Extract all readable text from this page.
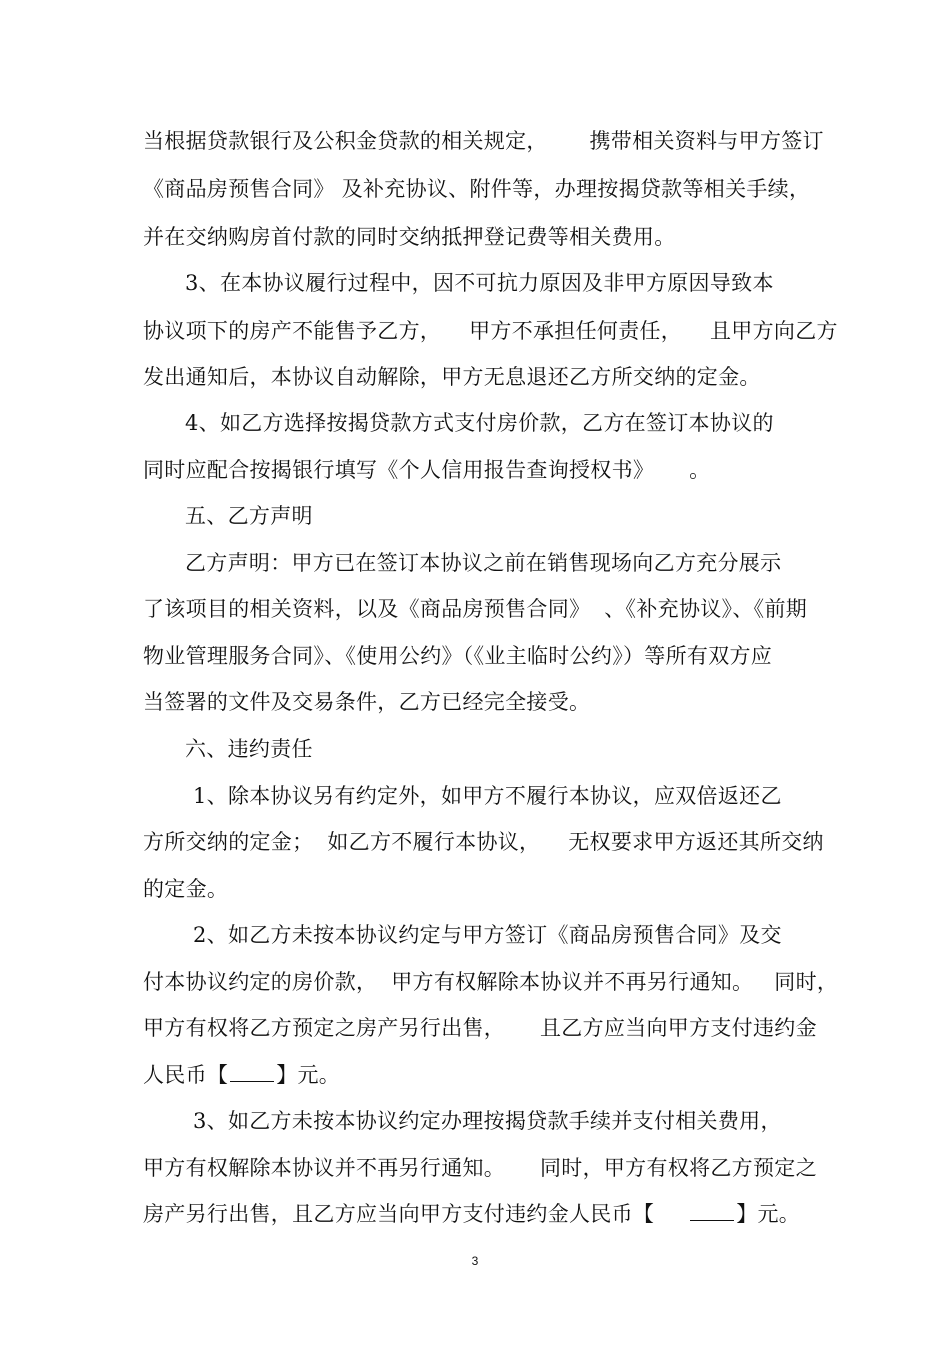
当根据贷款银行及公积金贷款的相关规定，      携带相关资料与甲方签订
《商品房预售合同》 及补充协议、附件等，办理按揭贷款等相关手续，
并在交纳购房首付款的同时交纳抵押登记费等相关费用。
3、在本协议履行过程中，因不可抗力原因及非甲方原因导致本
协议项下的房产不能售予乙方，    甲方不承担任何责任，    且甲方向乙方
发出通知后，本协议自动解除，甲方无息退还乙方所交纳的定金。
4、如乙方选择按揭贷款方式支付房价款，乙方在签订本协议的
同时应配合按揭银行填写《个人信用报告查询授权书》     。
五、乙方声明
乙方声明：甲方已在签订本协议之前在销售现场向乙方充分展示
了该项目的相关资料，以及《商品房预售合同》  、《补充协议》、《前期
物业管理服务合同》、《使用公约》（《业主临时公约》）等所有双方应
当签署的文件及交易条件，乙方已经完全接受。
六、违约责任
1、除本协议另有约定外，如甲方不履行本协议，应双倍返还乙
方所交纳的定金；  如乙方不履行本协议，    无权要求甲方返还其所交纳
的定金。
2、如乙方未按本协议约定与甲方签订《商品房预售合同》及交
付本协议约定的房价款，  甲方有权解除本协议并不再另行通知。   同时，
甲方有权将乙方预定之房产另行出售，     且乙方应当向甲方支付违约金
人民币【 】元。
3、如乙方未按本协议约定办理按揭贷款手续并支付相关费用，
甲方有权解除本协议并不再另行通知。     同时，甲方有权将乙方预定之
房产另行出售，且乙方应当向甲方支付违约金人民币【	】元。
3
